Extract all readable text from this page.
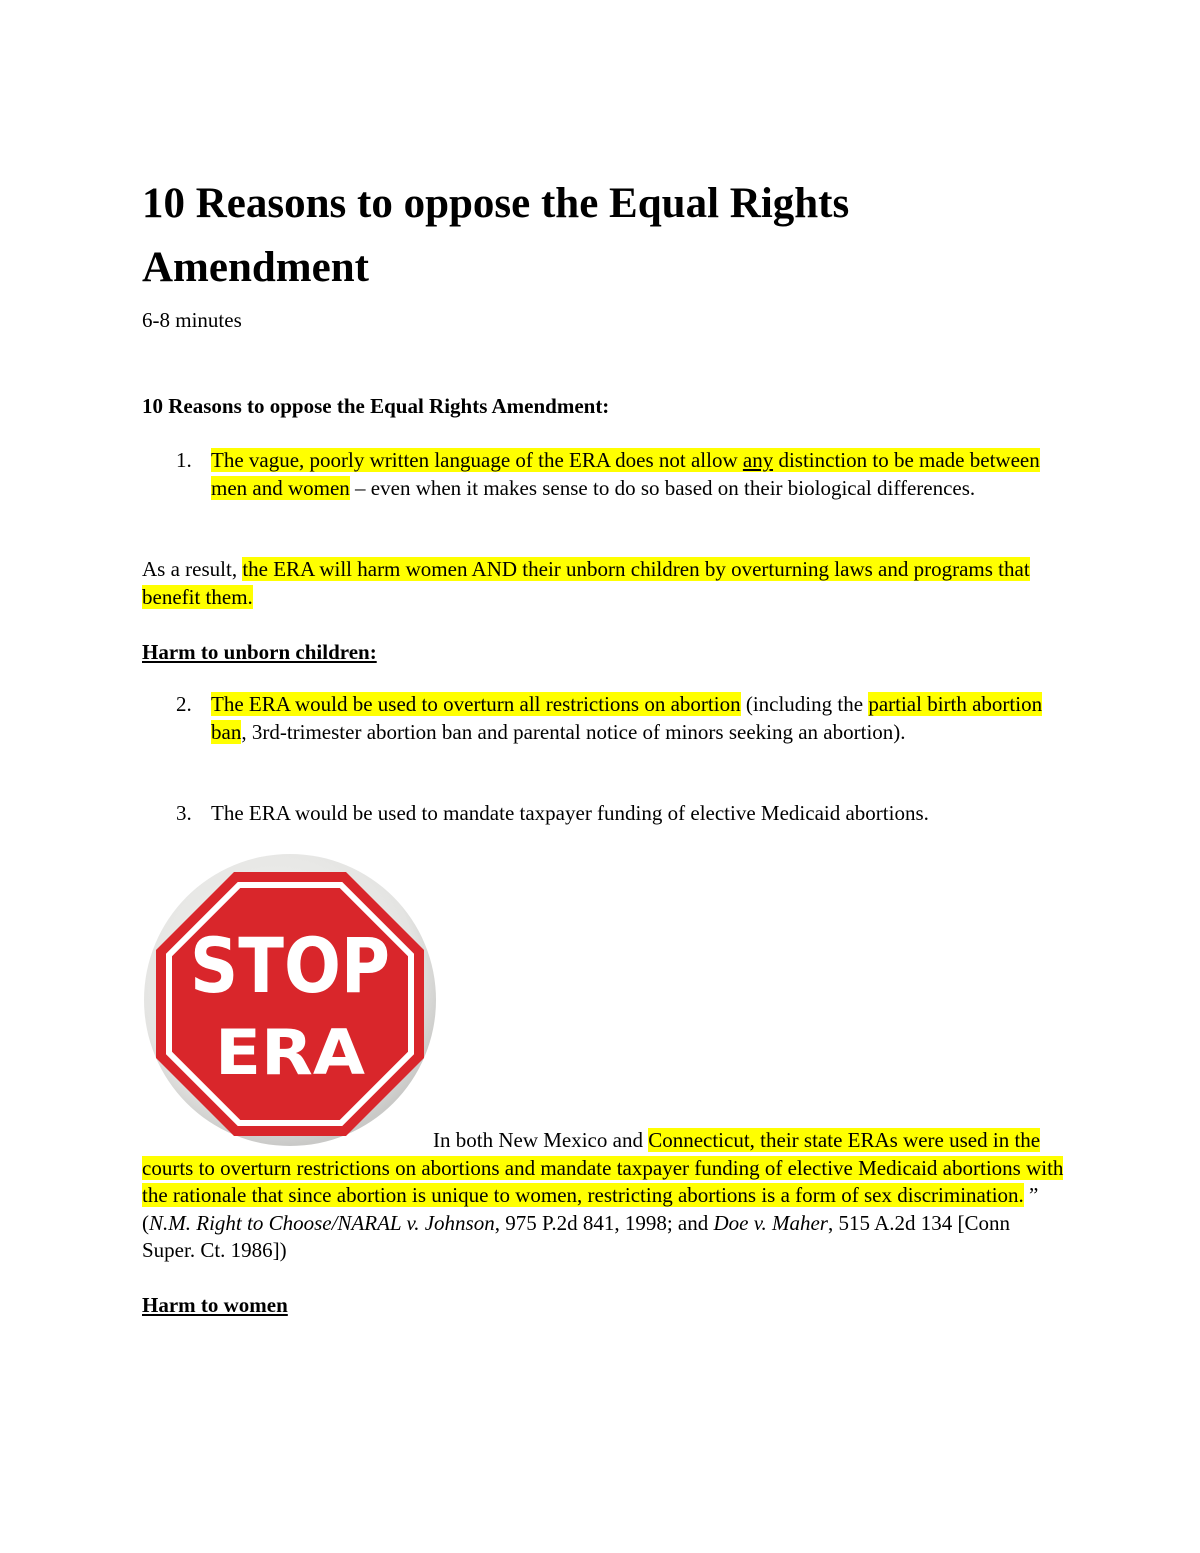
10 Reasons to oppose the Equal Rights Amendment

6-8 minutes

10 Reasons to oppose the Equal Rights Amendment:
1. The vague, poorly written language of the ERA does not allow any distinction to be made between men and women – even when it makes sense to do so based on their biological differences.

As a result, the ERA will harm women AND their unborn children by overturning laws and programs that benefit them.

Harm to unborn children:

2. The ERA would be used to overturn all restrictions on abortion (including the partial birth abortion ban, 3rd-trimester abortion ban and parental notice of minors seeking an abortion).
3. The ERA would be used to mandate taxpayer funding of elective Medicaid abortions.
STOP
ERA

In both New Mexico and Connecticut, their state ERAs were used in the courts to overturn restrictions on abortions and mandate taxpayer funding of elective Medicaid abortions with the rationale that since abortion is unique to women, restricting abortions is a form of sex discrimination. ” (N.M. Right to Choose/NARAL v. Johnson, 975 P.2d 841, 1998; and Doe v. Maher, 515 A.2d 134 [Conn Super. Ct. 1986])

Harm to women
